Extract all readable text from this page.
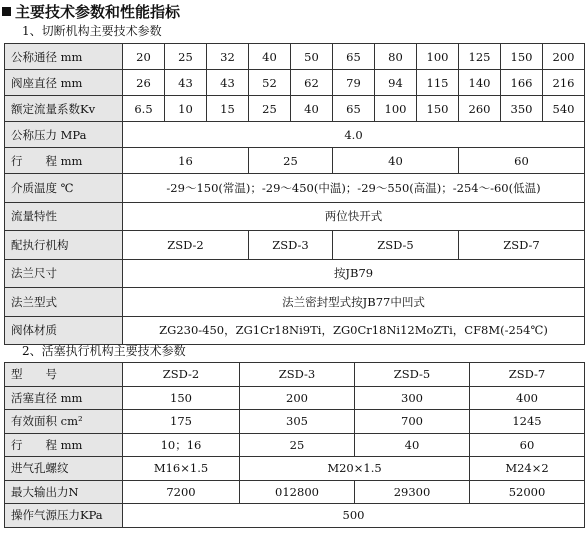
主要技术参数和性能指标
1、切断机构主要技术参数
公称通径 mm	20	25	32	40	50	65	80	100	125	150	200
阀座直径 mm	26	43	43	52	62	79	94	115	140	166	216
额定流量系数Kv	6.5	10	15	25	40	65	100	150	260	350	540
公称压力 MPa	4.0										
行　　程 mm	16			25		40			60		
介质温度 ℃	-29～150(常温)；-29～450(中温)；-29～550(高温)；-254～-60(低温)										
流量特性	两位快开式										
配执行机构	ZSD-2			ZSD-3		ZSD-5			ZSD-7		
法兰尺寸	按JB79										
法兰型式	法兰密封型式按JB77中凹式										
阀体材质	ZG230-450，ZG1Cr18Ni9Ti，ZG0Cr18Ni12MoZTi，CF8M(-254℃)										
2、活塞执行机构主要技术参数
型　　号	ZSD-2	ZSD-3	ZSD-5	ZSD-7
活塞直径 mm	150	200	300	400
有效面积 cm²	175	305	700	1245
行　　程 mm	10；16	25	40	60
进气孔螺纹	M16×1.5	M20×1.5		M24×2
最大输出力N	7200	012800	29300	52000
操作气源压力KPa	500			
